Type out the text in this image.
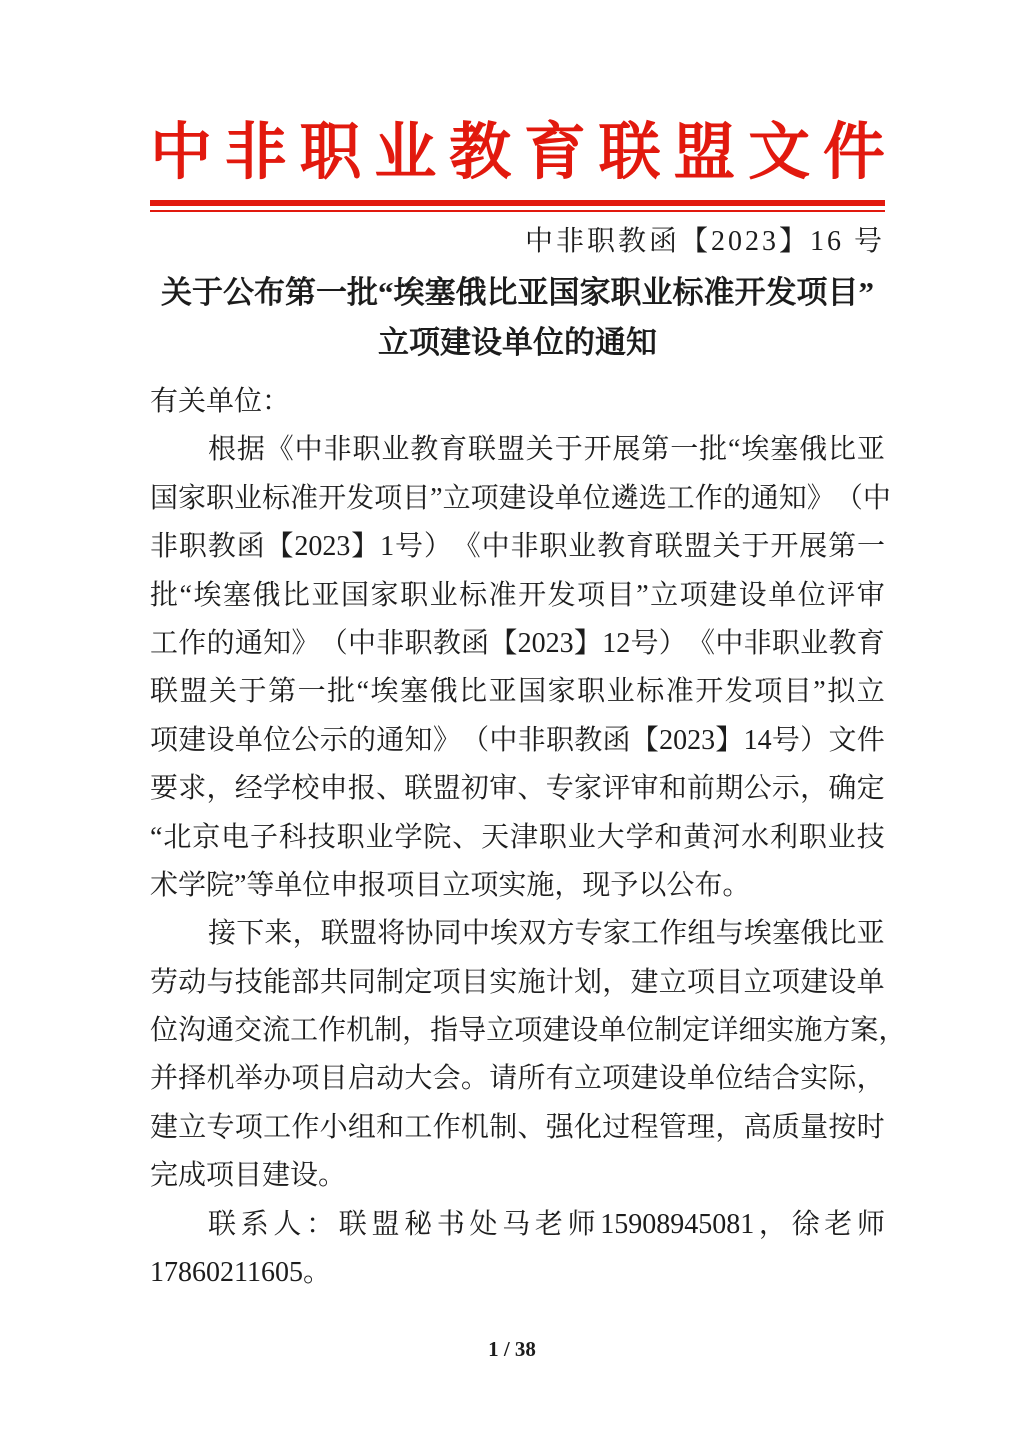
中 非 职 业 教 育 联 盟 文 件
中非职教函【2023】16 号
关于公布第一批“埃塞俄比亚国家职业标准开发项目”
立项建设单位的通知
有关单位：
根 据 《 中 非 职 业 教 育 联 盟 关 于 开 展 第 一 批 “ 埃 塞 俄 比 亚
国 家 职 业 标 准 开 发 项 目 ” 立 项 建 设 单 位 遴 选 工 作 的 通 知 》 （ 中
非 职 教 函 【 2023 】 1 号 ） 《 中 非 职 业 教 育 联 盟 关 于 开 展 第 一
批 “ 埃 塞 俄 比 亚 国 家 职 业 标 准 开 发 项 目 ” 立 项 建 设 单 位 评 审
工 作 的 通 知 》 （ 中 非 职 教 函 【 2023 】 12 号 ） 《 中 非 职 业 教 育
联 盟 关 于 第 一 批 “ 埃 塞 俄 比 亚 国 家 职 业 标 准 开 发 项 目 ” 拟 立
项 建 设 单 位 公 示 的 通 知 》 （ 中 非 职 教 函 【 2023 】 14 号 ） 文 件
要 求 ， 经 学 校 申 报 、 联 盟 初 审 、 专 家 评 审 和 前 期 公 示 ， 确 定
“ 北 京 电 子 科 技 职 业 学 院 、 天 津 职 业 大 学 和 黄 河 水 利 职 业 技
术学院”等单位申报项目立项实施，现予以公布。
接 下 来 ， 联 盟 将 协 同 中 埃 双 方 专 家 工 作 组 与 埃 塞 俄 比 亚
劳 动 与 技 能 部 共 同 制 定 项 目 实 施 计 划 ， 建 立 项 目 立 项 建 设 单
位 沟 通 交 流 工 作 机 制 ， 指 导 立 项 建 设 单 位 制 定 详 细 实 施 方 案 ，
并 择 机 举 办 项 目 启 动 大 会 。 请 所 有 立 项 建 设 单 位 结 合 实 际 ，
建 立 专 项 工 作 小 组 和 工 作 机 制 、 强 化 过 程 管 理 ， 高 质 量 按 时
完成项目建设。
联 系 人 ： 联 盟 秘 书 处 马 老 师 15908945081 ， 徐 老 师
17860211605。
1 / 38
